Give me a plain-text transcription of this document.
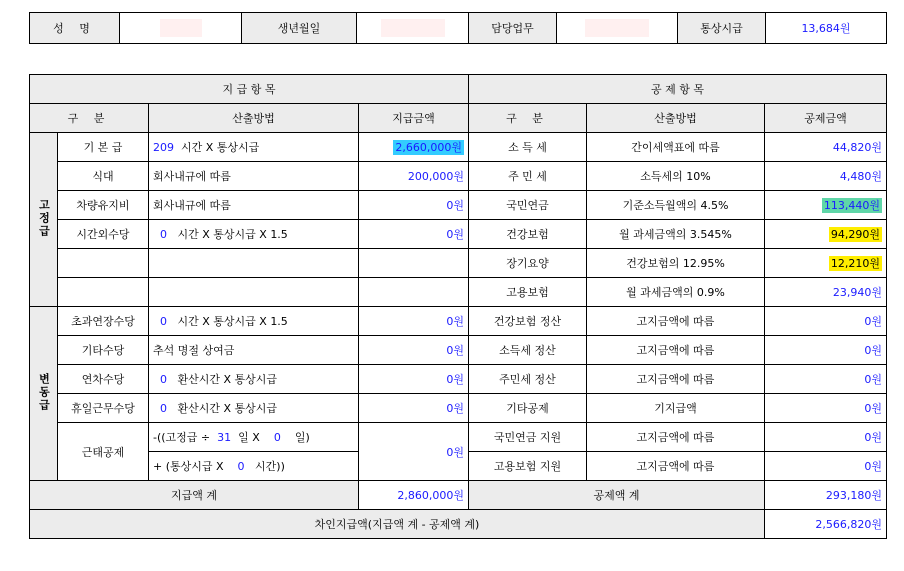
성 명		생년월일		담당업무		통상시급	13,684원
지 급 항 목				공 제 항 목		
구 분		산출방법	지급금액	구 분	산출방법	공제금액
고정급	기 본 급	209 시간 X 통상시급	2,660,000원	소 득 세	간이세액표에 따름	44,820원
	식대	회사내규에 따름	200,000원	주 민 세	소득세의 10%	4,480원
	차량유지비	회사내규에 따름	0원	국민연금	기준소득월액의 4.5%	113,440원
	시간외수당	0 시간 X 통상시급 X 1.5	0원	건강보험	월 과세금액의 3.545%	94,290원
				장기요양	건강보험의 12.95%	12,210원
				고용보험	월 과세금액의 0.9%	23,940원
변동급	초과연장수당	0 시간 X 통상시급 X 1.5	0원	건강보험 정산	고지금액에 따름	0원
	기타수당	추석 명절 상여금	0원	소득세 정산	고지금액에 따름	0원
	연차수당	0 환산시간 X 통상시급	0원	주민세 정산	고지금액에 따름	0원
	휴일근무수당	0 환산시간 X 통상시급	0원	기타공제	기지급액	0원
	근태공제	-((고정급 ÷ 31 일 X 0 일)	0원	국민연금 지원	고지금액에 따름	0원
		+ (통상시급 X 0 시간))		고용보험 지원	고지금액에 따름	0원
지급액 계			2,860,000원	공제액 계		293,180원
차인지급액(지급액 계 - 공제액 계)						2,566,820원
